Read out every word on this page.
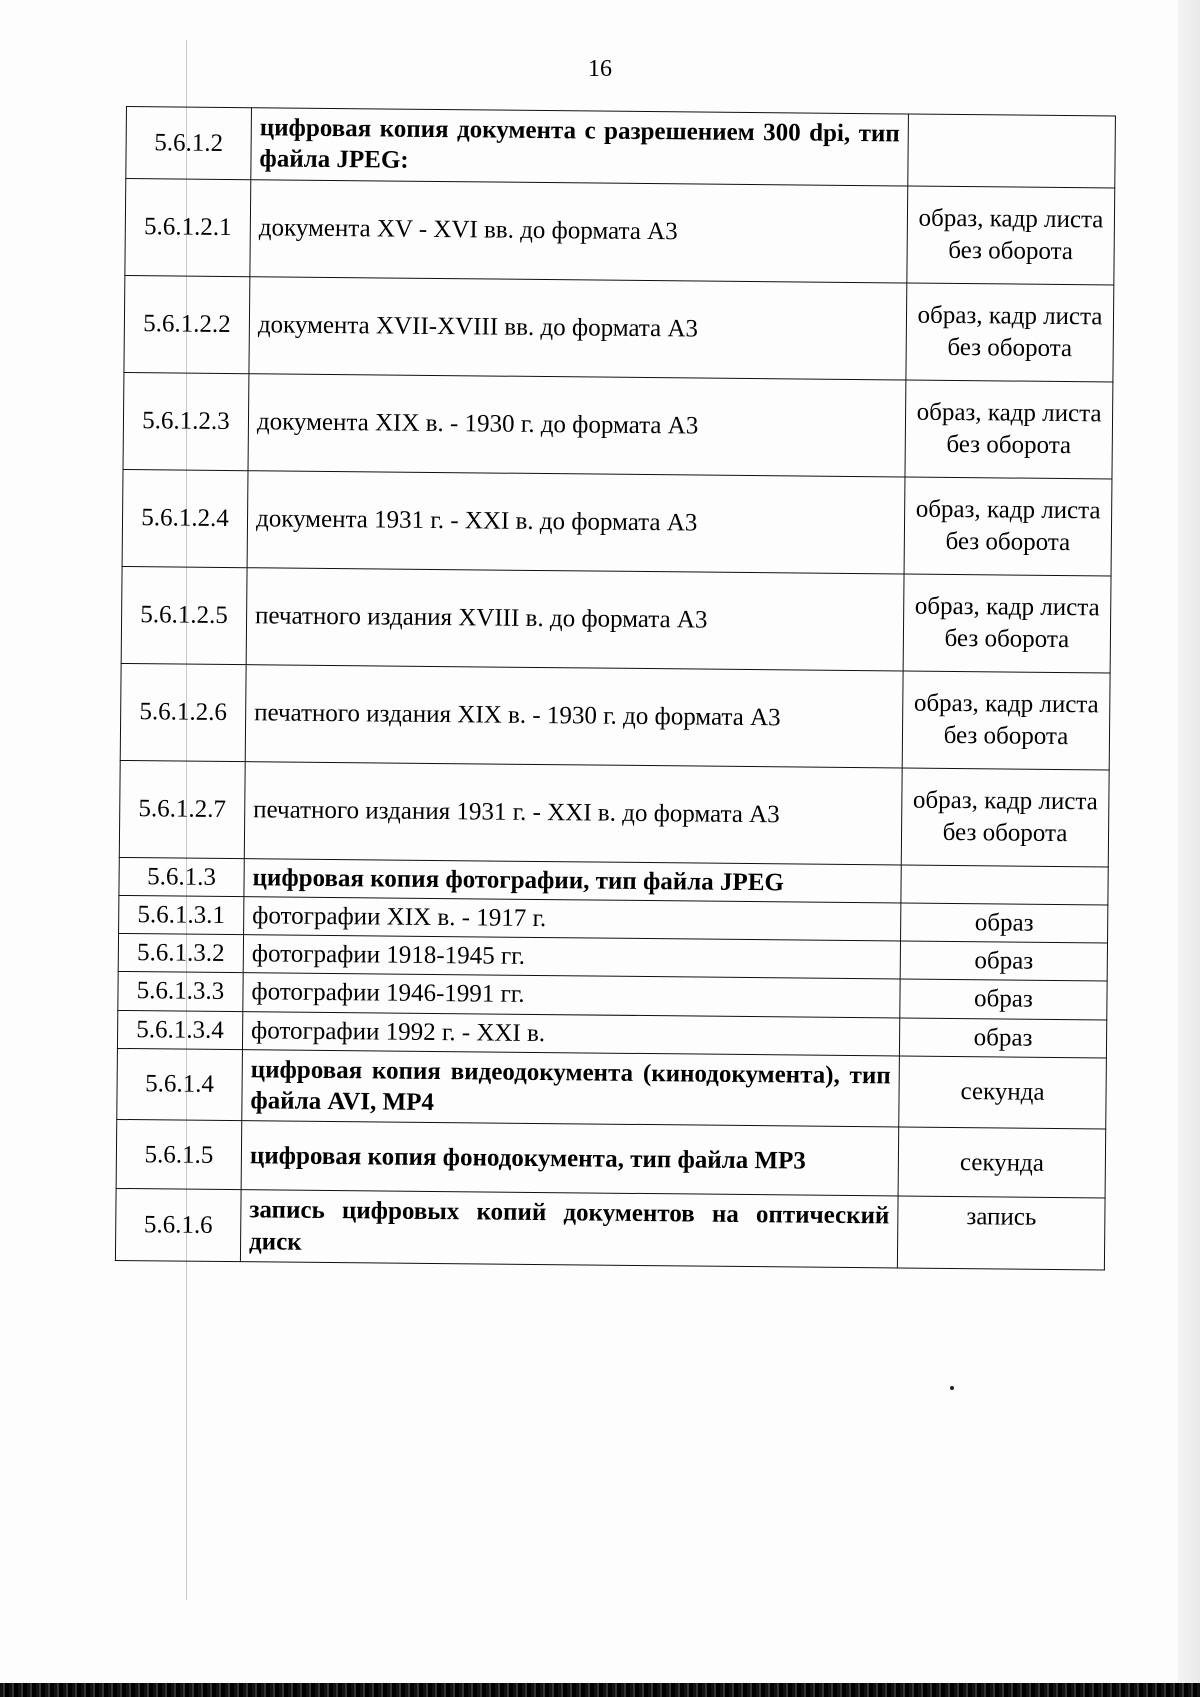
16
5.6.1.2	цифровая копия документа с разрешением 300 dpi, тип файла JPEG:	
5.6.1.2.1	документа XV - XVI вв. до формата А3	образ, кадр листа без оборота
5.6.1.2.2	документа XVII-XVIII вв. до формата А3	образ, кадр листа без оборота
5.6.1.2.3	документа XIX в. - 1930 г. до формата А3	образ, кадр листа без оборота
5.6.1.2.4	документа 1931 г. - XXI в. до формата А3	образ, кадр листа без оборота
5.6.1.2.5	печатного издания XVIII в. до формата А3	образ, кадр листа без оборота
5.6.1.2.6	печатного издания XIX в. - 1930 г. до формата А3	образ, кадр листа без оборота
5.6.1.2.7	печатного издания 1931 г. - XXI в. до формата А3	образ, кадр листа без оборота
5.6.1.3	цифровая копия фотографии, тип файла JPEG	
5.6.1.3.1	фотографии XIX в. - 1917 г.	образ
5.6.1.3.2	фотографии 1918-1945 гг.	образ
5.6.1.3.3	фотографии 1946-1991 гг.	образ
5.6.1.3.4	фотографии 1992 г. - XXI в.	образ
5.6.1.4	цифровая копия видеодокумента (кинодокумента), тип файла AVI, МР4	секунда
5.6.1.5	цифровая копия фонодокумента, тип файла МР3	секунда
5.6.1.6	запись цифровых копий документов на оптический диск	запись
